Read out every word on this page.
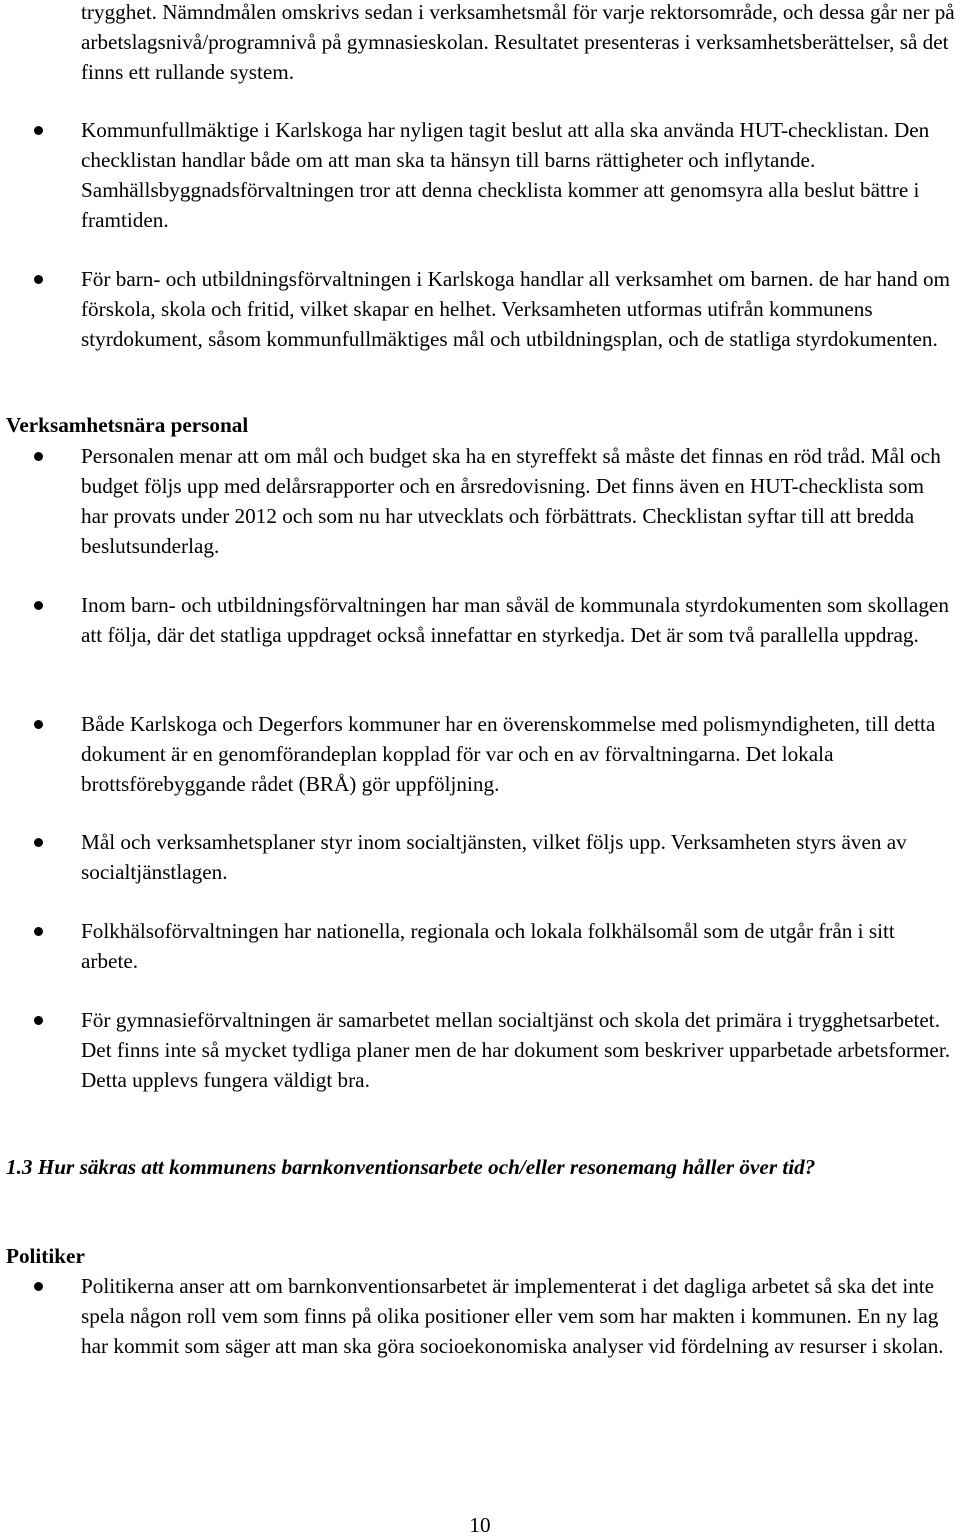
trygghet. Nämndmålen omskrivs sedan i verksamhetsmål för varje rektorsområde, och dessa går ner på arbetslagsnivå/programnivå på gymnasieskolan. Resultatet presenteras i verksamhetsberättelser, så det finns ett rullande system.

Kommunfullmäktige i Karlskoga har nyligen tagit beslut att alla ska använda HUT-checklistan. Den checklistan handlar både om att man ska ta hänsyn till barns rättigheter och inflytande. Samhällsbyggnadsförvaltningen tror att denna checklista kommer att genomsyra alla beslut bättre i framtiden.

För barn- och utbildningsförvaltningen i Karlskoga handlar all verksamhet om barnen. de har hand om förskola, skola och fritid, vilket skapar en helhet. Verksamheten utformas utifrån kommunens styrdokument, såsom kommunfullmäktiges mål och utbildningsplan, och de statliga styrdokumenten.

Verksamhetsnära personal

Personalen menar att om mål och budget ska ha en styreffekt så måste det finnas en röd tråd. Mål och budget följs upp med delårsrapporter och en årsredovisning. Det finns även en HUT-checklista som har provats under 2012 och som nu har utvecklats och förbättrats. Checklistan syftar till att bredda beslutsunderlag.

Inom barn- och utbildningsförvaltningen har man såväl de kommunala styrdokumenten som skollagen att följa, där det statliga uppdraget också innefattar en styrkedja. Det är som två parallella uppdrag.

Både Karlskoga och Degerfors kommuner har en överenskommelse med polismyndigheten, till detta dokument är en genomförandeplan kopplad för var och en av förvaltningarna. Det lokala brottsförebyggande rådet (BRÅ) gör uppföljning.

Mål och verksamhetsplaner styr inom socialtjänsten, vilket följs upp. Verksamheten styrs även av socialtjänstlagen.

Folkhälsoförvaltningen har nationella, regionala och lokala folkhälsomål som de utgår från i sitt arbete.

För gymnasieförvaltningen är samarbetet mellan socialtjänst och skola det primära i trygghetsarbetet. Det finns inte så mycket tydliga planer men de har dokument som beskriver upparbetade arbetsformer. Detta upplevs fungera väldigt bra.

1.3 Hur säkras att kommunens barnkonventionsarbete och/eller resonemang håller över tid?

Politiker

Politikerna anser att om barnkonventionsarbetet är implementerat i det dagliga arbetet så ska det inte spela någon roll vem som finns på olika positioner eller vem som har makten i kommunen. En ny lag har kommit som säger att man ska göra socioekonomiska analyser vid fördelning av resurser i skolan.

10
